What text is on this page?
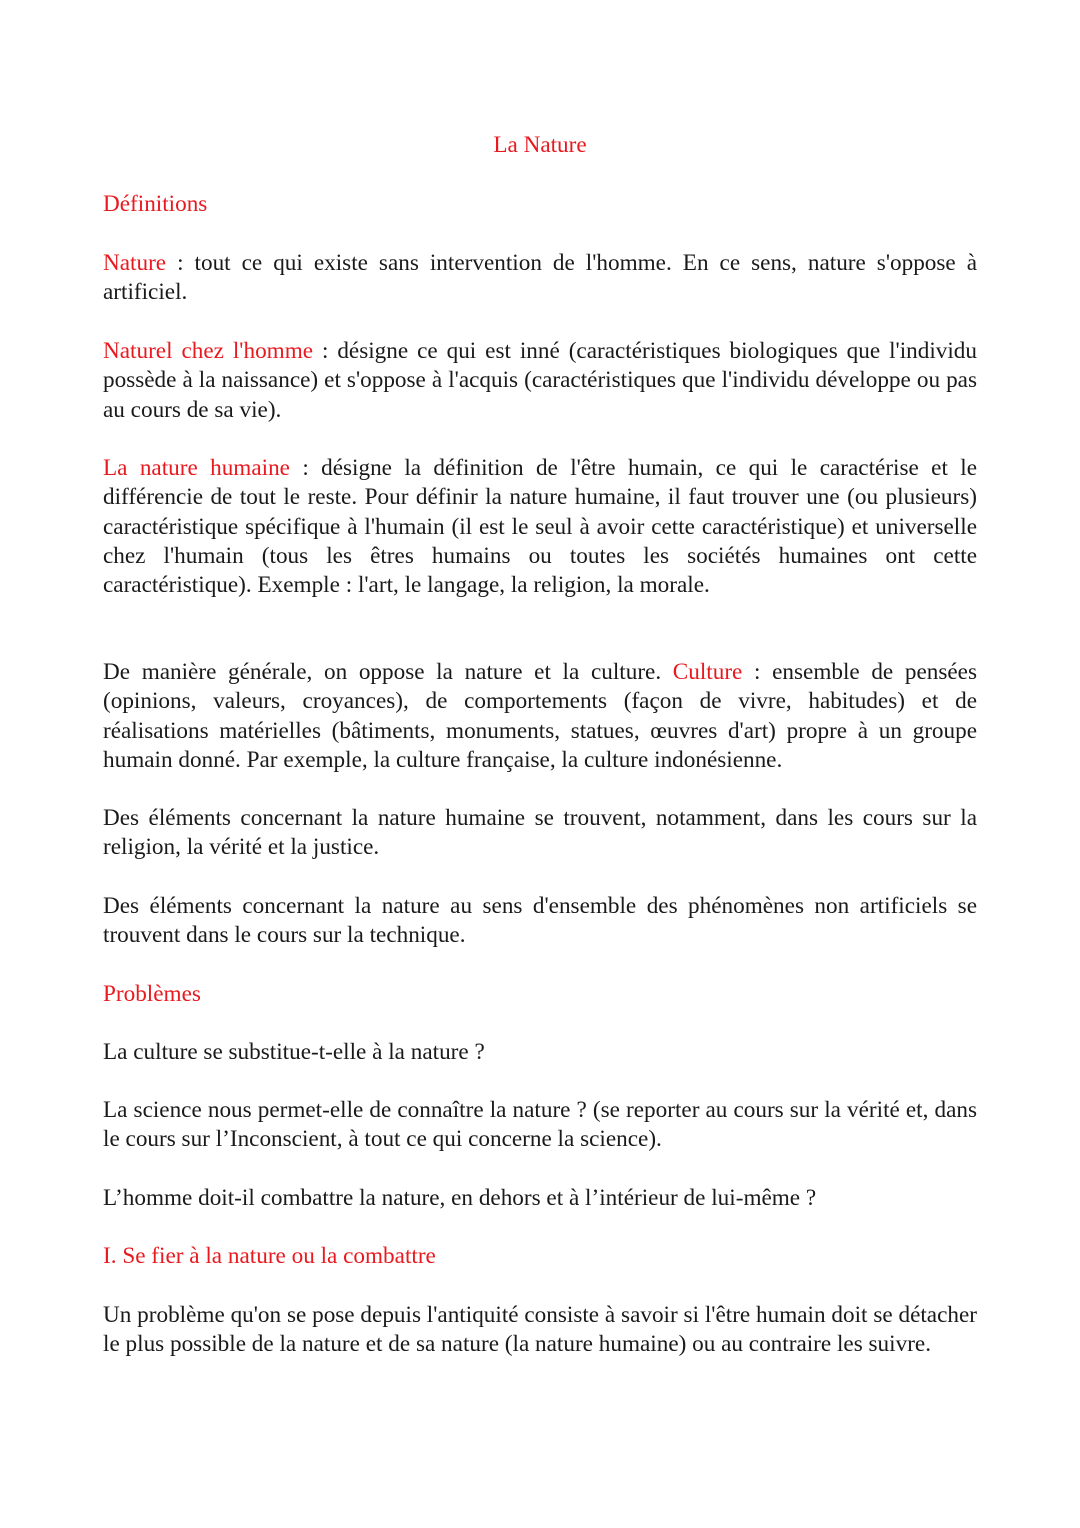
La Nature
Définitions

Nature : tout ce qui existe sans intervention de l'homme. En ce sens, nature s'oppose à artificiel.

Naturel chez l'homme : désigne ce qui est inné (caractéristiques biologiques que l'individu possède à la naissance) et s'oppose à l'acquis (caractéristiques que l'individu développe ou pas au cours de sa vie).

La nature humaine : désigne la définition de l'être humain, ce qui le caractérise et le différencie de tout le reste. Pour définir la nature humaine, il faut trouver une (ou plusieurs) caractéristique spécifique à l'humain (il est le seul à avoir cette caractéristique) et universelle chez l'humain (tous les êtres humains ou toutes les sociétés humaines ont cette caractéristique). Exemple : l'art, le langage, la religion, la morale.

De manière générale, on oppose la nature et la culture. Culture : ensemble de pensées (opinions, valeurs, croyances), de comportements (façon de vivre, habitudes) et de réalisations matérielles (bâtiments, monuments, statues, œuvres d'art) propre à un groupe humain donné. Par exemple, la culture française, la culture indonésienne.

Des éléments concernant la nature humaine se trouvent, notamment, dans les cours sur la religion, la vérité et la justice.

Des éléments concernant la nature au sens d'ensemble des phénomènes non artificiels se trouvent dans le cours sur la technique.

Problèmes

La culture se substitue-t-elle à la nature ?

La science nous permet-elle de connaître la nature ? (se reporter au cours sur la vérité et, dans le cours sur l’Inconscient, à tout ce qui concerne la science).

L’homme doit-il combattre la nature, en dehors et à l’intérieur de lui-même ?

I. Se fier à la nature ou la combattre

Un problème qu'on se pose depuis l'antiquité consiste à savoir si l'être humain doit se détacher le plus possible de la nature et de sa nature (la nature humaine) ou au contraire les suivre.
